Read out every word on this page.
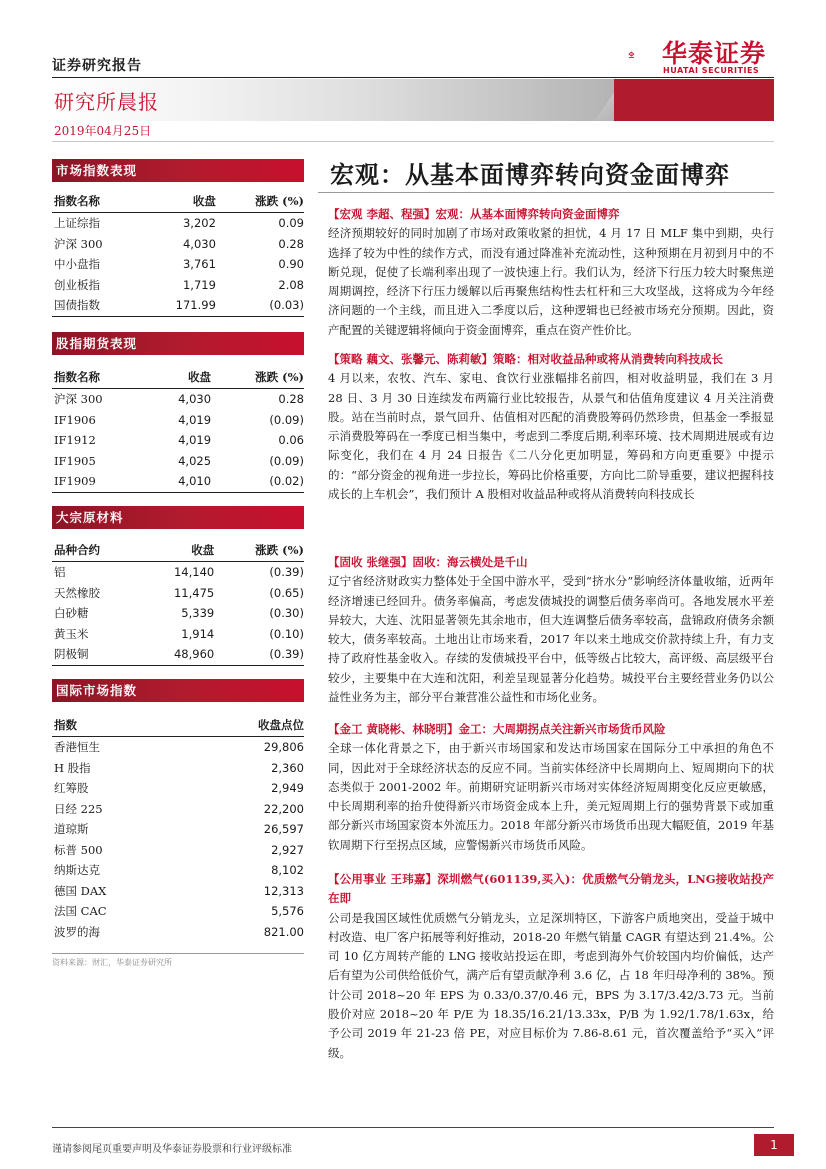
证券研究报告	华泰证券
HUATAI SECURITIES
研究所晨报
2019年04月25日
市场指数表现
指数名称	收盘	涨跌 (%)
上证综指	3,202	0.09
沪深 300	4,030	0.28
中小盘指	3,761	0.90
创业板指	1,719	2.08
国债指数	171.99	(0.03)
股指期货表现
指数名称	收盘	涨跌 (%)
沪深 300	4,030	0.28
IF1906	4,019	(0.09)
IF1912	4,019	0.06
IF1905	4,025	(0.09)
IF1909	4,010	(0.02)
大宗原材料
品种合约	收盘	涨跌 (%)
铝	14,140	(0.39)
天然橡胶	11,475	(0.65)
白砂糖	5,339	(0.30)
黄玉米	1,914	(0.10)
阴极铜	48,960	(0.39)
国际市场指数
指数	收盘点位
香港恒生	29,806
H 股指	2,360
红筹股	2,949
日经 225	22,200
道琼斯	26,597
标普 500	2,927
纳斯达克	8,102
德国 DAX	12,313
法国 CAC	5,576
波罗的海	821.00
资料来源：财汇，华泰证券研究所
宏观：从基本面博弈转向资金面博弈

【宏观 李超、程强】宏观：从基本面博弈转向资金面博弈

经济预期较好的同时加剧了市场对政策收紧的担忧，4 月 17 日 MLF 集中到期，央行选择了较为中性的续作方式，而没有通过降准补充流动性，这种预期在月初到月中的不断兑现，促使了长端利率出现了一波快速上行。我们认为，经济下行压力较大时聚焦逆周期调控，经济下行压力缓解以后再聚焦结构性去杠杆和三大攻坚战，这将成为今年经济问题的一个主线，而且进入二季度以后，这种逻辑也已经被市场充分预期。因此，资产配置的关键逻辑将倾向于资金面博弈，重点在资产性价比。

【策略 藕文、张馨元、陈莉敏】策略：相对收益品种或将从消费转向科技成长

4 月以来，农牧、汽车、家电、食饮行业涨幅排名前四，相对收益明显，我们在 3 月 28 日、3 月 30 日连续发布两篇行业比较报告，从景气和估值角度建议 4 月关注消费股。站在当前时点，景气回升、估值相对匹配的消费股筹码仍然珍贵，但基金一季报显示消费股筹码在一季度已相当集中，考虑到二季度后期,利率环境、技术周期进展或有边际变化，我们在 4 月 24 日报告《二八分化更加明显，筹码和方向更重要》中提示的：“部分资金的视角进一步拉长，筹码比价格重要，方向比二阶导重要，建议把握科技成长的上车机会”，我们预计 A 股相对收益品种或将从消费转向科技成长

【固收 张继强】固收：海云横处是千山

辽宁省经济财政实力整体处于全国中游水平，受到“挤水分”影响经济体量收缩，近两年经济增速已经回升。债务率偏高，考虑发债城投的调整后债务率尚可。各地发展水平差异较大，大连、沈阳显著领先其余地市，但大连调整后债务率较高，盘锦政府债务余额较大，债务率较高。土地出让市场来看，2017 年以来土地成交价款持续上升，有力支持了政府性基金收入。存续的发债城投平台中，低等级占比较大，高评级、高层级平台较少，主要集中在大连和沈阳，利差呈现显著分化趋势。城投平台主要经营业务仍以公益性业务为主，部分平台兼营准公益性和市场化业务。

【金工 黄晓彬、林晓明】金工：大周期拐点关注新兴市场货币风险

全球一体化背景之下，由于新兴市场国家和发达市场国家在国际分工中承担的角色不同，因此对于全球经济状态的反应不同。当前实体经济中长周期向上、短周期向下的状态类似于 2001-2002 年。前期研究证明新兴市场对实体经济短周期变化反应更敏感，中长周期利率的抬升使得新兴市场资金成本上升，美元短周期上行的强势背景下或加重部分新兴市场国家资本外流压力。2018 年部分新兴市场货币出现大幅贬值，2019 年基钦周期下行至拐点区域，应警惕新兴市场货币风险。

【公用事业 王玮嘉】深圳燃气(601139,买入)：优质燃气分销龙头，LNG接收站投产在即

公司是我国区域性优质燃气分销龙头，立足深圳特区，下游客户质地突出，受益于城中村改造、电厂客户拓展等利好推动，2018-20 年燃气销量 CAGR 有望达到 21.4%。公司 10 亿方周转产能的 LNG 接收站投运在即，考虑到海外气价较国内均价偏低，达产后有望为公司供给低价气，满产后有望贡献净利 3.6 亿，占 18 年归母净利的 38%。预计公司 2018~20 年 EPS 为 0.33/0.37/0.46 元，BPS 为 3.17/3.42/3.73 元。当前股价对应 2018~20 年 P/E 为 18.35/16.21/13.33x，P/B 为 1.92/1.78/1.63x，给予公司 2019 年 21-23 倍 PE，对应目标价为 7.86-8.61 元，首次覆盖给予“买入”评级。

谨请参阅尾页重要声明及华泰证券股票和行业评级标准	1
